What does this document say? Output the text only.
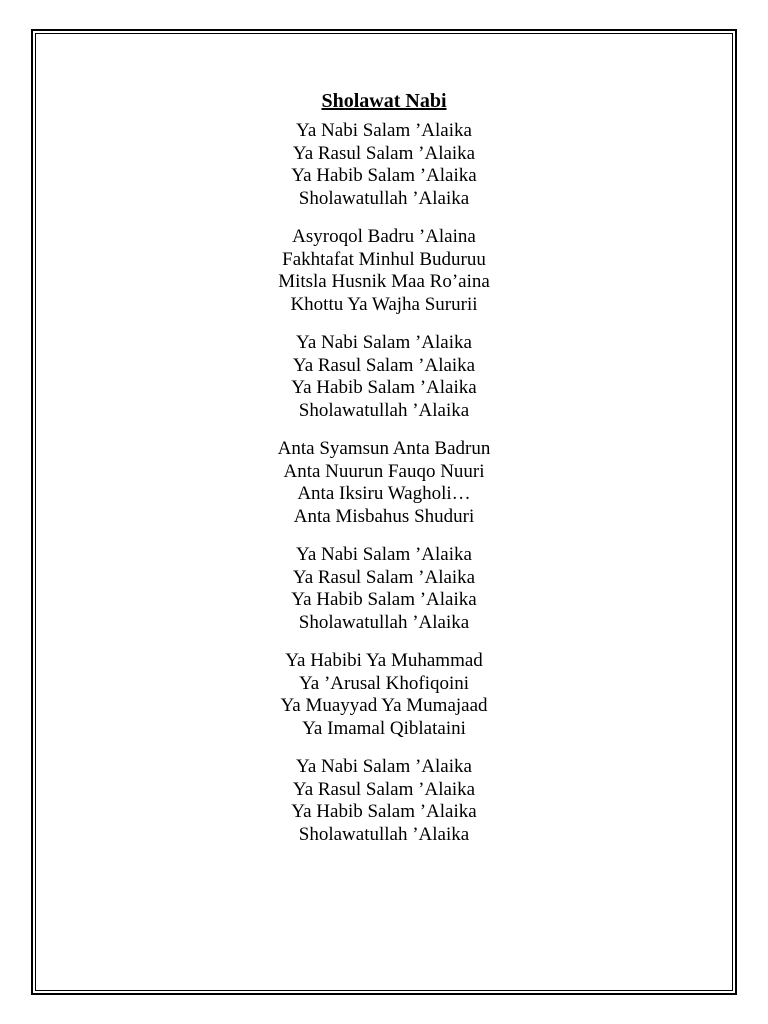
Sholawat Nabi
Ya Nabi Salam ’Alaika
Ya Rasul Salam ’Alaika
Ya Habib Salam ’Alaika
Sholawatullah ’Alaika
Asyroqol Badru ’Alaina
Fakhtafat Minhul Buduruu
Mitsla Husnik Maa Ro’aina
Khottu Ya Wajha Sururii
Ya Nabi Salam ’Alaika
Ya Rasul Salam ’Alaika
Ya Habib Salam ’Alaika
Sholawatullah ’Alaika
Anta Syamsun Anta Badrun
Anta Nuurun Fauqo Nuuri
Anta Iksiru Wagholi…
Anta Misbahus Shuduri
Ya Nabi Salam ’Alaika
Ya Rasul Salam ’Alaika
Ya Habib Salam ’Alaika
Sholawatullah ’Alaika
Ya Habibi Ya Muhammad
Ya ’Arusal Khofiqoini
Ya Muayyad Ya Mumajaad
Ya Imamal Qiblataini
Ya Nabi Salam ’Alaika
Ya Rasul Salam ’Alaika
Ya Habib Salam ’Alaika
Sholawatullah ’Alaika
